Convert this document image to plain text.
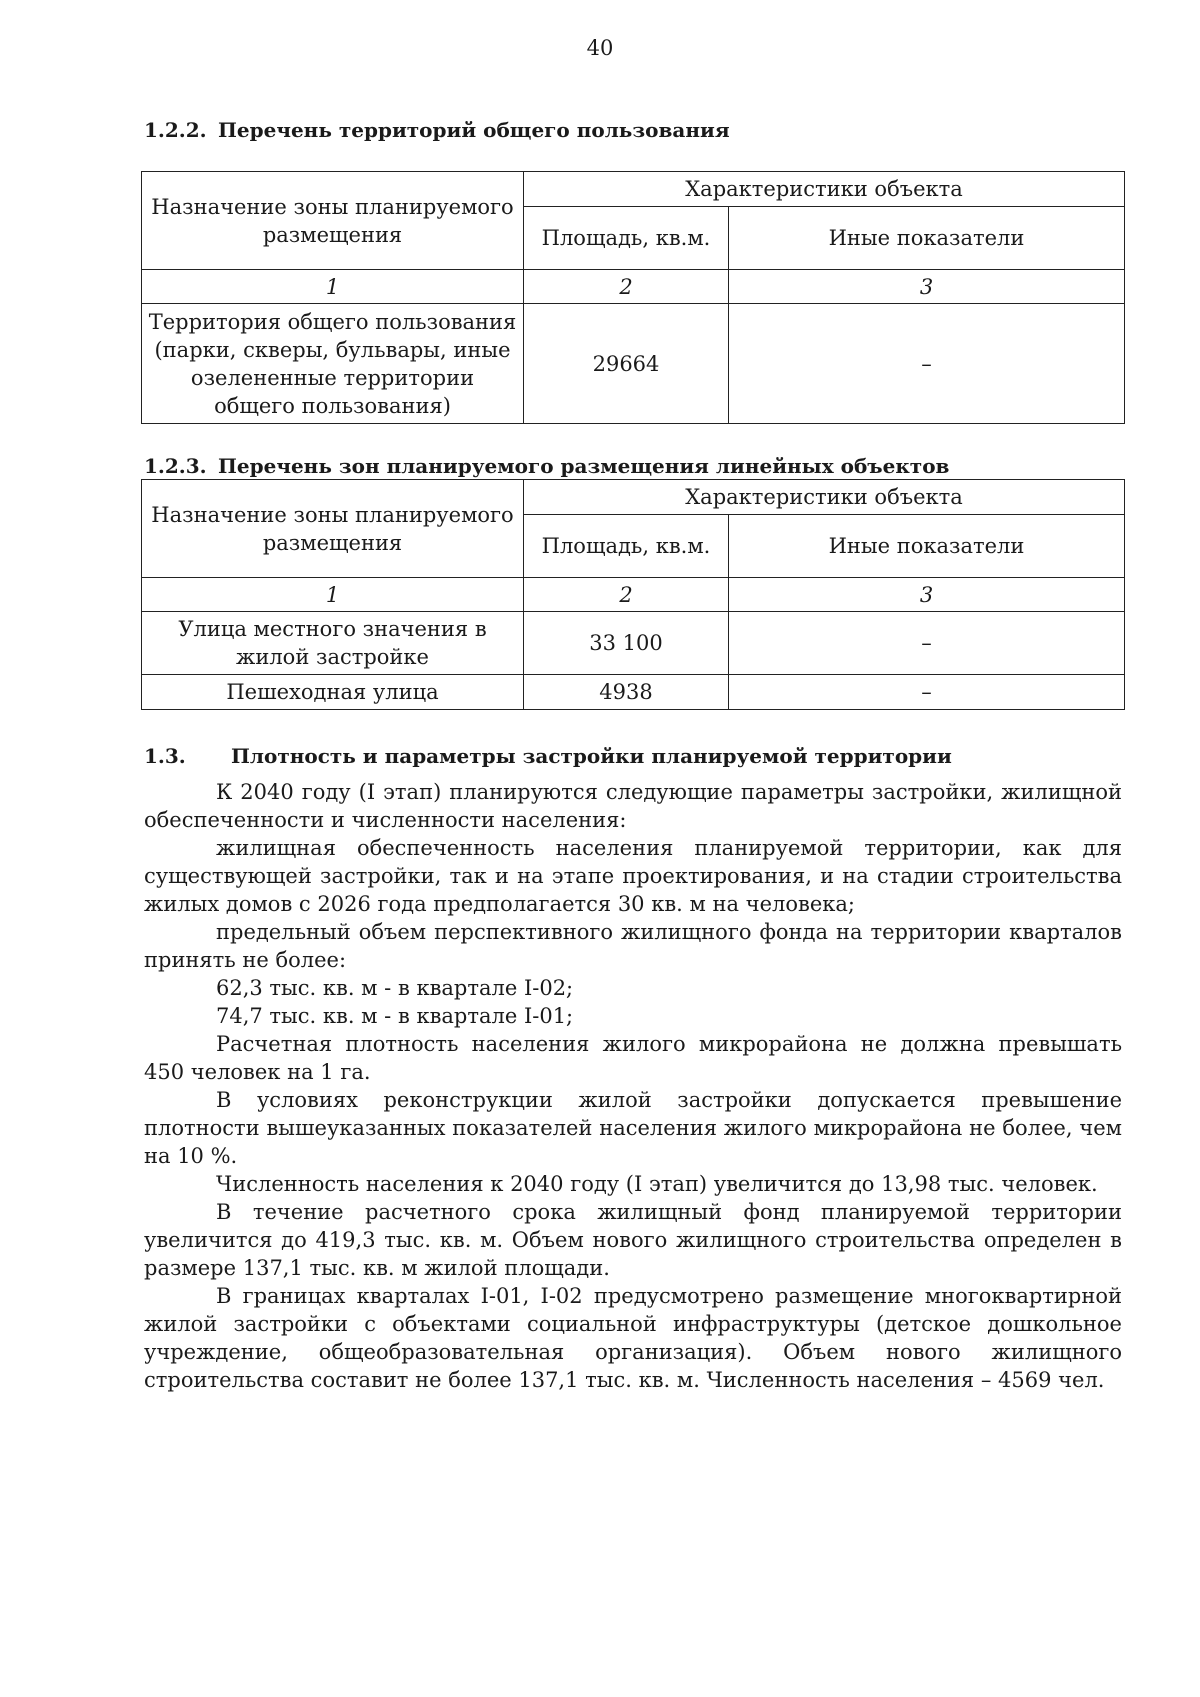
40
1.2.2. Перечень территорий общего пользования
Назначение зоны планируемого размещения	Характеристики объекта	
	Площадь, кв.м.	Иные показатели
1	2	3
Территория общего пользования (парки, скверы, бульвары, иные озелененные территории общего пользования)	29664	–
1.2.3. Перечень зон планируемого размещения линейных объектов
Назначение зоны планируемого размещения	Характеристики объекта	
	Площадь, кв.м.	Иные показатели
1	2	3
Улица местного значения в жилой застройке	33 100	–
Пешеходная улица	4938	–
1.3. Плотность и параметры застройки планируемой территории

К 2040 году (I этап) планируются следующие параметры застройки, жилищной обеспеченности и численности населения:

жилищная обеспеченность населения планируемой территории, как для существующей застройки, так и на этапе проектирования, и на стадии строительства жилых домов с 2026 года предполагается 30 кв. м на человека;

предельный объем перспективного жилищного фонда на территории кварталов принять не более:

62,3 тыс. кв. м - в квартале I-02;

74,7 тыс. кв. м - в квартале I-01;

Расчетная плотность населения жилого микрорайона не должна превышать 450 человек на 1 га.

В условиях реконструкции жилой застройки допускается превышение плотности вышеуказанных показателей населения жилого микрорайона не более, чем на 10 %.

Численность населения к 2040 году (I этап) увеличится до 13,98 тыс. человек.

В течение расчетного срока жилищный фонд планируемой территории увеличится до 419,3 тыс. кв. м. Объем нового жилищного строительства определен в размере 137,1 тыс. кв. м жилой площади.

В границах кварталах I-01, I-02 предусмотрено размещение многоквартирной жилой застройки с объектами социальной инфраструктуры (детское дошкольное учреждение, общеобразовательная организация). Объем нового жилищного строительства составит не более 137,1 тыс. кв. м. Численность населения – 4569 чел.
